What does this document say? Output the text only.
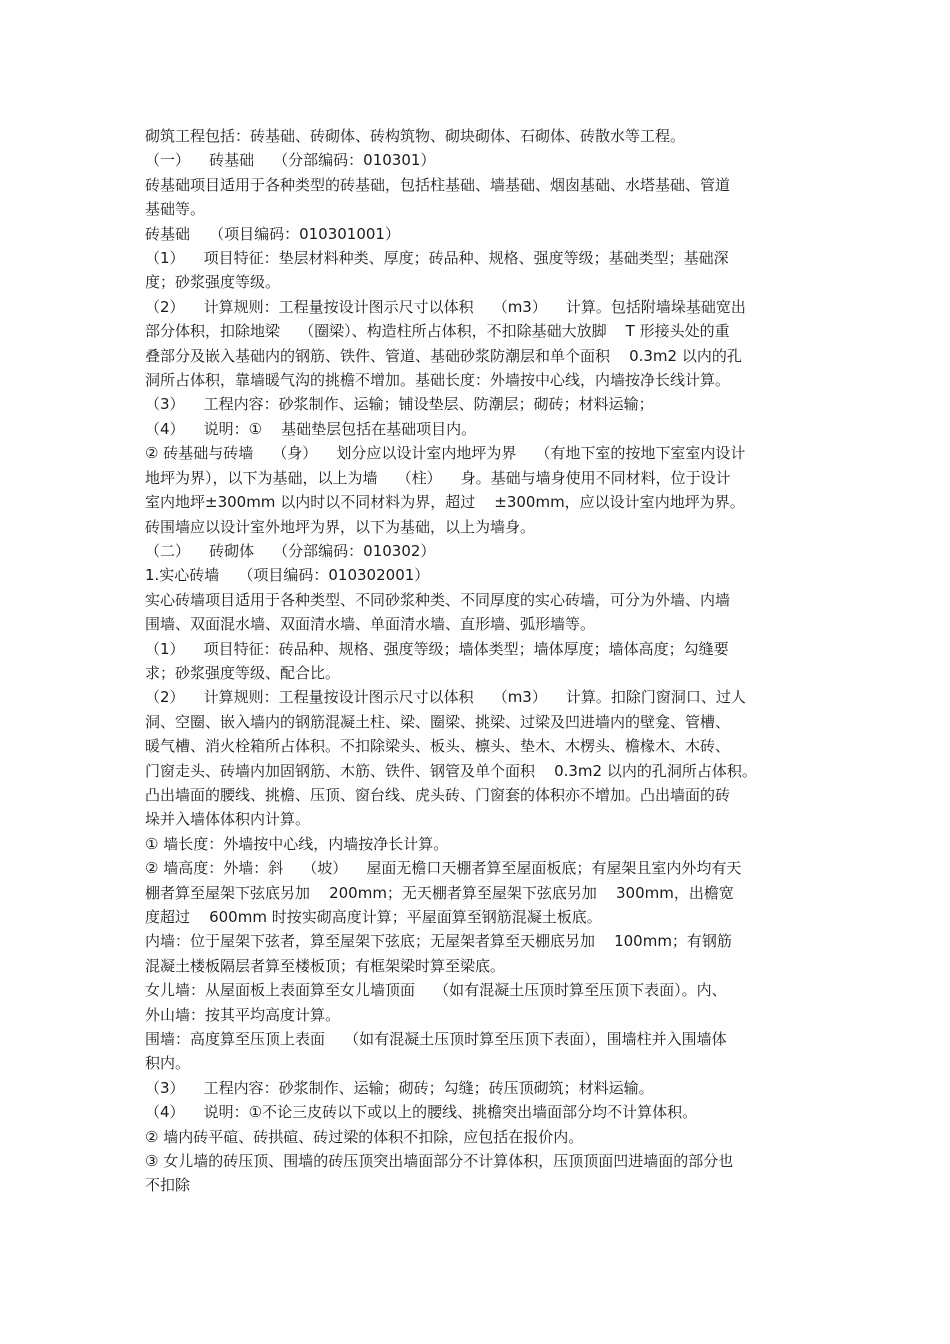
砌筑工程包括：砖基础、砖砌体、砖构筑物、砌块砌体、石砌体、砖散水等工程。

（一）    砖基础    （分部编码：010301）

砖基础项目适用于各种类型的砖基础，包括柱基础、墙基础、烟囱基础、水塔基础、管道

基础等。

砖基础    （项目编码：010301001）

（1）    项目特征：垫层材料种类、厚度；砖品种、规格、强度等级；基础类型；基础深

度；砂浆强度等级。

（2）    计算规则：工程量按设计图示尺寸以体积    （m3）    计算。包括附墙垛基础宽出

部分体积，扣除地梁    （圈梁）、构造柱所占体积，不扣除基础大放脚    T 形接头处的重

叠部分及嵌入基础内的钢筋、铁件、管道、基础砂浆防潮层和单个面积    0.3m2 以内的孔

洞所占体积，靠墙暖气沟的挑檐不增加。基础长度：外墙按中心线，内墙按净长线计算。

（3）    工程内容：砂浆制作、运输；铺设垫层、防潮层；砌砖；材料运输；

（4）    说明：①    基础垫层包括在基础项目内。

② 砖基础与砖墙    （身）    划分应以设计室内地坪为界    （有地下室的按地下室室内设计

地坪为界），以下为基础，以上为墙    （柱）    身。基础与墙身使用不同材料，位于设计

室内地坪±300mm 以内时以不同材料为界，超过    ±300mm，应以设计室内地坪为界。

砖围墙应以设计室外地坪为界，以下为基础，以上为墙身。

（二）    砖砌体    （分部编码：010302）

1.实心砖墙    （项目编码：010302001）

实心砖墙项目适用于各种类型、不同砂浆种类、不同厚度的实心砖墙，可分为外墙、内墙

围墙、双面混水墙、双面清水墙、单面清水墙、直形墙、弧形墙等。

（1）    项目特征：砖品种、规格、强度等级；墙体类型；墙体厚度；墙体高度；勾缝要

求；砂浆强度等级、配合比。

（2）    计算规则：工程量按设计图示尺寸以体积    （m3）    计算。扣除门窗洞口、过人

洞、空圈、嵌入墙内的钢筋混凝土柱、梁、圈梁、挑梁、过梁及凹进墙内的壁龛、管槽、

暖气槽、消火栓箱所占体积。不扣除梁头、板头、檩头、垫木、木楞头、檐椽木、木砖、

门窗走头、砖墙内加固钢筋、木筋、铁件、钢管及单个面积    0.3m2 以内的孔洞所占体积。

凸出墙面的腰线、挑檐、压顶、窗台线、虎头砖、门窗套的体积亦不增加。凸出墙面的砖

垛并入墙体体积内计算。

① 墙长度：外墙按中心线，内墙按净长计算。

② 墙高度：外墙：斜    （坡）    屋面无檐口天棚者算至屋面板底；有屋架且室内外均有天

棚者算至屋架下弦底另加    200mm；无天棚者算至屋架下弦底另加    300mm，出檐宽

度超过    600mm 时按实砌高度计算；平屋面算至钢筋混凝土板底。

内墙：位于屋架下弦者，算至屋架下弦底；无屋架者算至天棚底另加    100mm；有钢筋

混凝土楼板隔层者算至楼板顶；有框架梁时算至梁底。

女儿墙：从屋面板上表面算至女儿墙顶面    （如有混凝土压顶时算至压顶下表面）。内、

外山墙：按其平均高度计算。

围墙：高度算至压顶上表面    （如有混凝土压顶时算至压顶下表面），围墙柱并入围墙体

积内。

（3）    工程内容：砂浆制作、运输；砌砖；勾缝；砖压顶砌筑；材料运输。

（4）    说明：①不论三皮砖以下或以上的腰线、挑檐突出墙面部分均不计算体积。

② 墙内砖平碹、砖拱碹、砖过梁的体积不扣除，应包括在报价内。

③ 女儿墙的砖压顶、围墙的砖压顶突出墙面部分不计算体积，压顶顶面凹进墙面的部分也

不扣除
